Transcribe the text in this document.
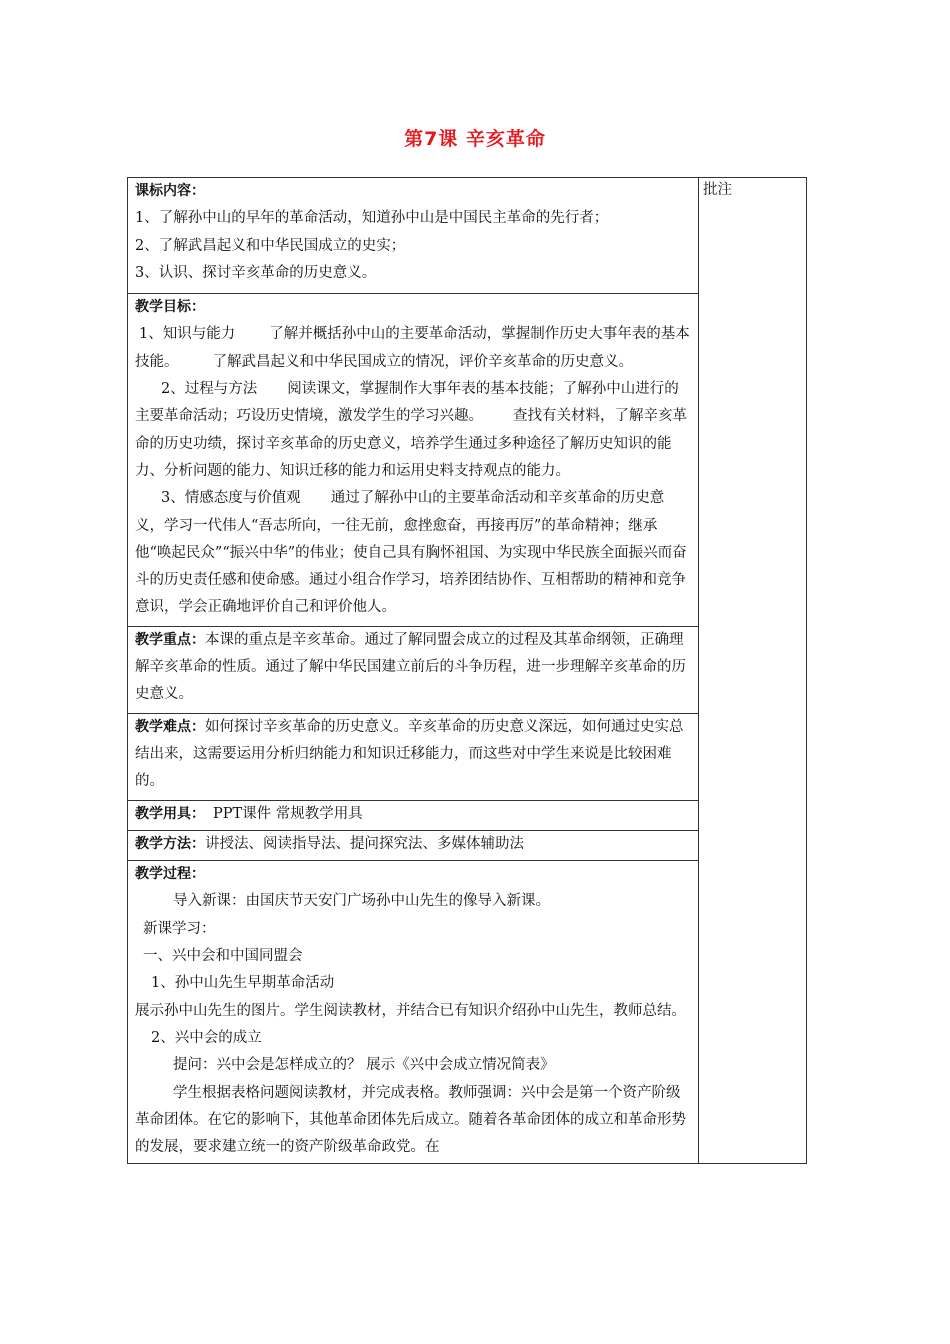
第7课 辛亥革命

课标内容：

1、了解孙中山的早年的革命活动，知道孙中山是中国民主革命的先行者；

2、了解武昌起义和中华民国成立的史实；

3、认识、探讨辛亥革命的历史意义。

批注

教学目标：

1、知识与能力 了解并概括孙中山的主要革命活动，掌握制作历史大事年表的基本技能。 了解武昌起义和中华民国成立的情况，评价辛亥革命的历史意义。

2、过程与方法 阅读课文，掌握制作大事年表的基本技能；了解孙中山进行的主要革命活动；巧设历史情境，激发学生的学习兴趣。 查找有关材料，了解辛亥革命的历史功绩，探讨辛亥革命的历史意义，培养学生通过多种途径了解历史知识的能力、分析问题的能力、知识迁移的能力和运用史料支持观点的能力。

3、情感态度与价值观 通过了解孙中山的主要革命活动和辛亥革命的历史意义，学习一代伟人“吾志所向，一往无前，愈挫愈奋，再接再厉”的革命精神；继承他“唤起民众”“振兴中华”的伟业；使自己具有胸怀祖国、为实现中华民族全面振兴而奋斗的历史责任感和使命感。通过小组合作学习，培养团结协作、互相帮助的精神和竞争意识，学会正确地评价自己和评价他人。

教学重点：本课的重点是辛亥革命。通过了解同盟会成立的过程及其革命纲领，正确理解辛亥革命的性质。通过了解中华民国建立前后的斗争历程，进一步理解辛亥革命的历史意义。

教学难点：如何探讨辛亥革命的历史意义。辛亥革命的历史意义深远，如何通过史实总结出来，这需要运用分析归纳能力和知识迁移能力，而这些对中学生来说是比较困难的。

教学用具： PPT课件 常规教学用具

教学方法：讲授法、阅读指导法、提问探究法、多媒体辅助法

教学过程：

导入新课：由国庆节天安门广场孙中山先生的像导入新课。

新课学习：

一、兴中会和中国同盟会

1、孙中山先生早期革命活动

展示孙中山先生的图片。学生阅读教材，并结合已有知识介绍孙中山先生，教师总结。

2、兴中会的成立

提问：兴中会是怎样成立的？ 展示《兴中会成立情况简表》

学生根据表格问题阅读教材，并完成表格。教师强调：兴中会是第一个资产阶级革命团体。在它的影响下，其他革命团体先后成立。随着各革命团体的成立和革命形势的发展，要求建立统一的资产阶级革命政党。在
